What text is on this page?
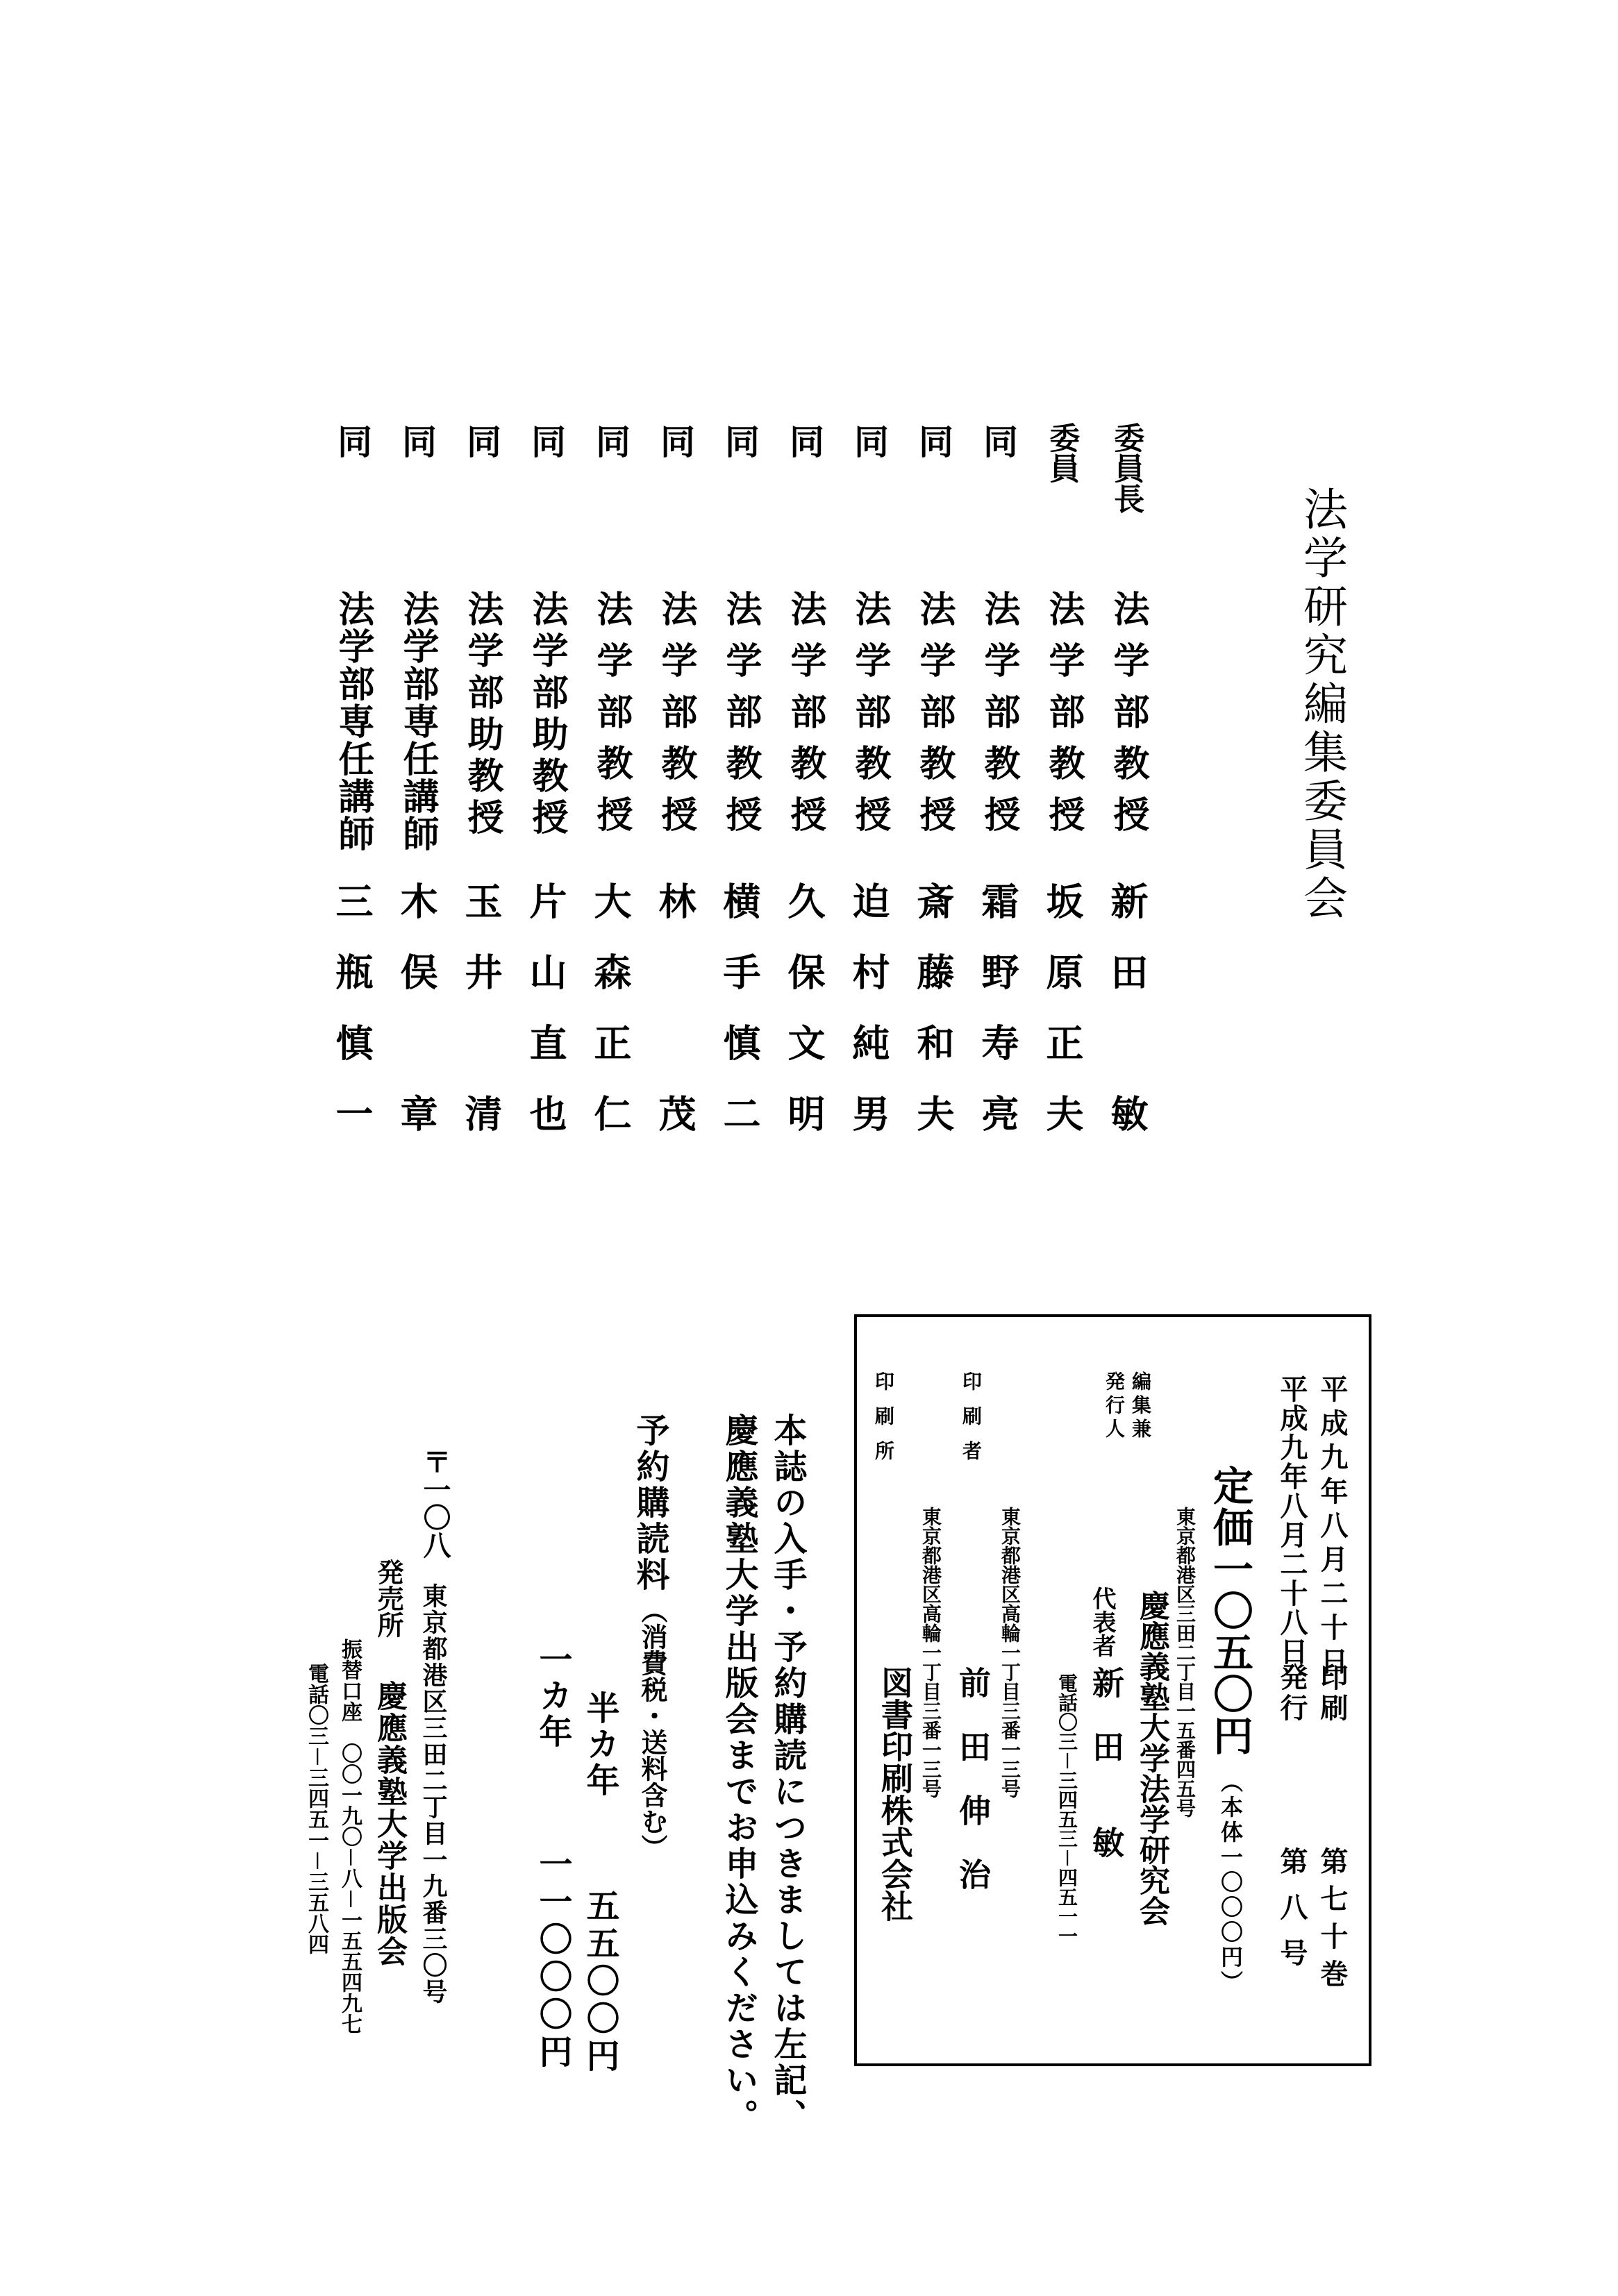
法学研究編集委員会
委員長
法学部教授
新田　敏
委員
法学部教授
坂原正夫
同
法学部教授
霜野寿亮
同
法学部教授
斎藤和夫
同
法学部教授
迫村純男
同
法学部教授
久保文明
同
法学部教授
横手慎二
同
法学部教授
林　　茂
同
法学部教授
大森正仁
同
法学部助教授
片山直也
同
法学部助教授
玉井　清
同
法学部専任講師
木俣　章
同
法学部専任講師
三瓶慎一
平成九年八月二十日
印刷
第七十巻
平成九年八月二十八日
発行
第八号
定価一〇五〇円
（本体一〇〇〇円）
東京都港区三田二丁目一五番四五号
編集兼
発行人
慶應義塾大学法学研究会
代表者
新　田　　敏
電話〇三－三四五三－四五一一
東京都港区高輪一丁目三番一三号
印刷者
前　田　伸　治
東京都港区高輪一丁目三番一三号
印刷所
図書印刷株式会社
本誌の入手・予約購読につきましては左記、
慶應義塾大学出版会までお申込みください。
予約購読料
（消費税・送料含む）
半カ年
五五〇〇円
一カ年
一一〇〇〇円
〒一〇八
東京都港区三田二丁目一九番三〇号
発売所
慶應義塾大学出版会
振替口座　〇〇一九〇－八－一五五四九七
電話〇三－三四五一－三五八四
